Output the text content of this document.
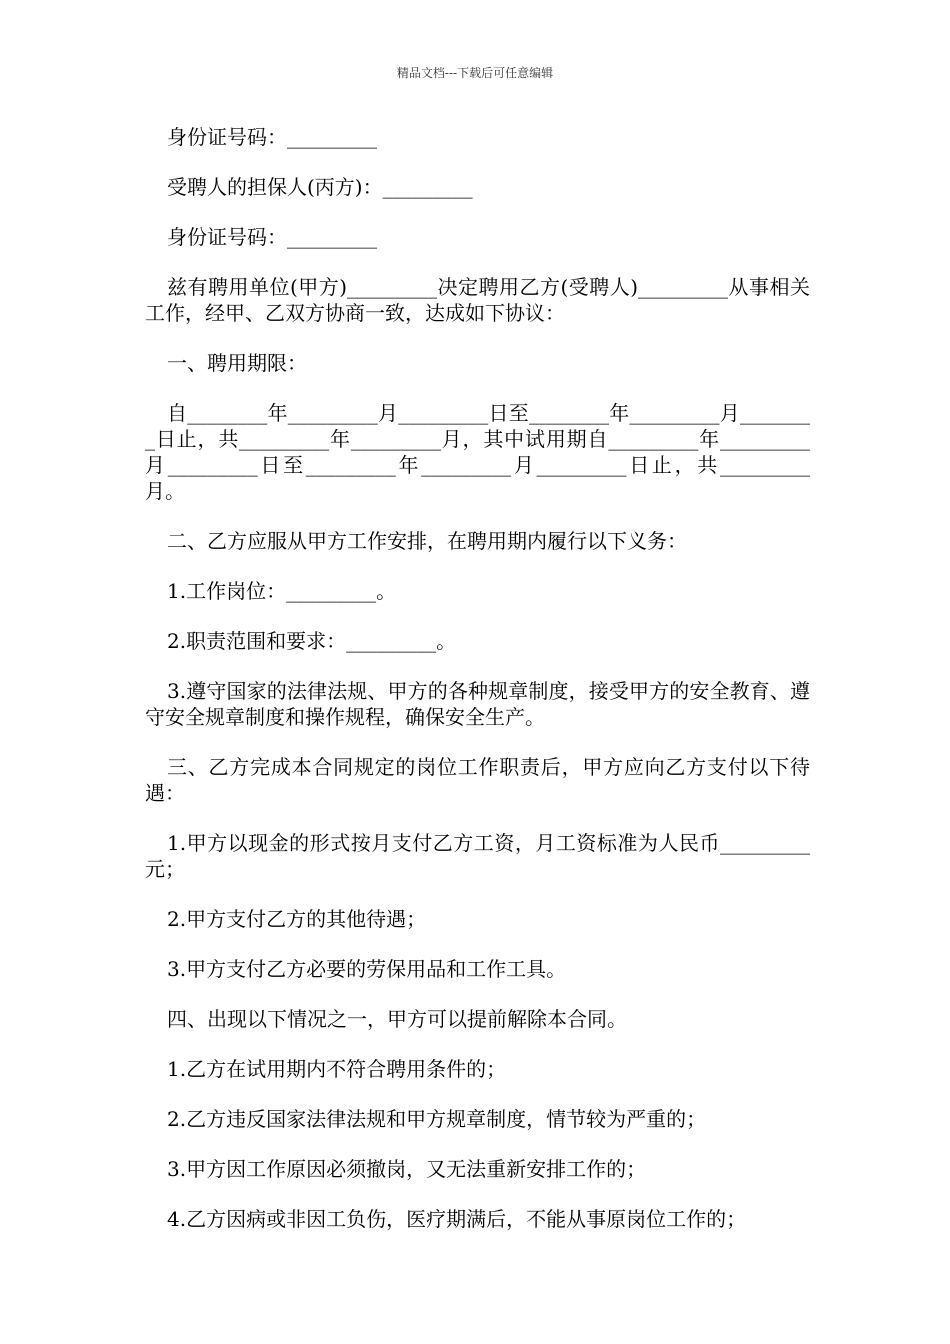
精品文档---下载后可任意编辑

身份证号码：_________

受聘人的担保人(丙方)：_________

身份证号码：_________

兹有聘用单位(甲方)_________决定聘用乙方(受聘人)_________从事相关工作，经甲、乙双方协商一致，达成如下协议：

一、聘用期限：

自________年_________月_________日至________年_________月________日止，共_________年_________月，其中试用期自_________年_________月_________日至_________年_________月_________日止，共_________月。

二、乙方应服从甲方工作安排，在聘用期内履行以下义务：

1.工作岗位：_________。

2.职责范围和要求：_________。

3.遵守国家的法律法规、甲方的各种规章制度，接受甲方的安全教育、遵守安全规章制度和操作规程，确保安全生产。

三、乙方完成本合同规定的岗位工作职责后，甲方应向乙方支付以下待遇：

1.甲方以现金的形式按月支付乙方工资，月工资标准为人民币_________元；

2.甲方支付乙方的其他待遇；

3.甲方支付乙方必要的劳保用品和工作工具。

四、出现以下情况之一，甲方可以提前解除本合同。

1.乙方在试用期内不符合聘用条件的；

2.乙方违反国家法律法规和甲方规章制度，情节较为严重的；

3.甲方因工作原因必须撤岗，又无法重新安排工作的；

4.乙方因病或非因工负伤，医疗期满后，不能从事原岗位工作的；
